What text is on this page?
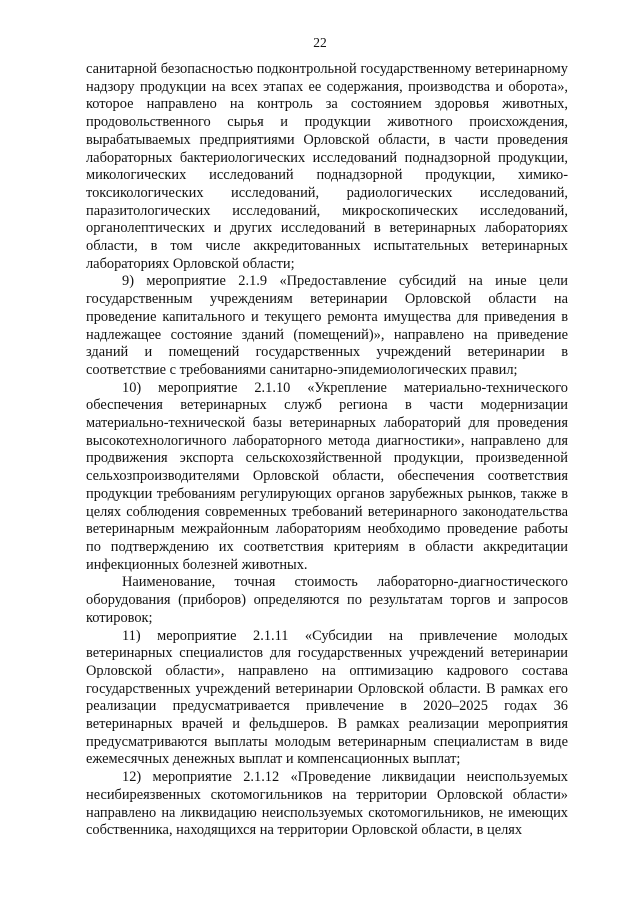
22

санитарной безопасностью подконтрольной государственному ветеринарному надзору продукции на всех этапах ее содержания, производства и оборота», которое направлено на контроль за состоянием здоровья животных, продовольственного сырья и продукции животного происхождения, вырабатываемых предприятиями Орловской области, в части проведения лабораторных бактериологических исследований поднадзорной продукции, микологических исследований поднадзорной продукции, химико-токсикологических исследований, радиологических исследований, паразитологических исследований, микроскопических исследований, органолептических и других исследований в ветеринарных лабораториях области, в том числе аккредитованных испытательных ветеринарных лабораториях Орловской области;

9) мероприятие 2.1.9 «Предоставление субсидий на иные цели государственным учреждениям ветеринарии Орловской области на проведение капитального и текущего ремонта имущества для приведения в надлежащее состояние зданий (помещений)», направлено на приведение зданий и помещений государственных учреждений ветеринарии в соответствие с требованиями санитарно-эпидемиологических правил;

10) мероприятие 2.1.10 «Укрепление материально-технического обеспечения ветеринарных служб региона в части модернизации материально-технической базы ветеринарных лабораторий для проведения высокотехнологичного лабораторного метода диагностики», направлено для продвижения экспорта сельскохозяйственной продукции, произведенной сельхозпроизводителями Орловской области, обеспечения соответствия продукции требованиям регулирующих органов зарубежных рынков, также в целях соблюдения современных требований ветеринарного законодательства ветеринарным межрайонным лабораториям необходимо проведение работы по подтверждению их соответствия критериям в области аккредитации инфекционных болезней животных.

Наименование, точная стоимость лабораторно-диагностического оборудования (приборов) определяются по результатам торгов и запросов котировок;

11) мероприятие 2.1.11 «Субсидии на привлечение молодых ветеринарных специалистов для государственных учреждений ветеринарии Орловской области», направлено на оптимизацию кадрового состава государственных учреждений ветеринарии Орловской области. В рамках его реализации предусматривается привлечение в 2020–2025 годах 36 ветеринарных врачей и фельдшеров. В рамках реализации мероприятия предусматриваются выплаты молодым ветеринарным специалистам в виде ежемесячных денежных выплат и компенсационных выплат;

12) мероприятие 2.1.12 «Проведение ликвидации неиспользуемых несибиреязвенных скотомогильников на территории Орловской области» направлено на ликвидацию неиспользуемых скотомогильников, не имеющих собственника, находящихся на территории Орловской области, в целях
